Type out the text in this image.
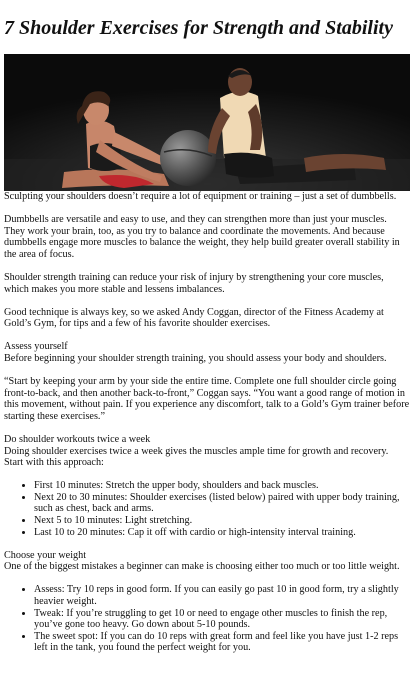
7 Shoulder Exercises for Strength and Stability

Sculpting your shoulders doesn’t require a lot of equipment or training – just a set of dumbbells.

Dumbbells are versatile and easy to use, and they can strengthen more than just your muscles. They work your brain, too, as you try to balance and coordinate the movements. And because dumbbells engage more muscles to balance the weight, they help build greater overall stability in the area of focus.

Shoulder strength training can reduce your risk of injury by strengthening your core muscles, which makes you more stable and lessens imbalances.

Good technique is always key, so we asked Andy Coggan, director of the Fitness Academy at Gold’s Gym, for tips and a few of his favorite shoulder exercises.

Assess yourself
Before beginning your shoulder strength training, you should assess your body and shoulders.

“Start by keeping your arm by your side the entire time. Complete one full shoulder circle going front-to-back, and then another back-to-front,” Coggan says. “You want a good range of motion in this movement, without pain. If you experience any discomfort, talk to a Gold’s Gym trainer before starting these exercises.”

Do shoulder workouts twice a week
Doing shoulder exercises twice a week gives the muscles ample time for growth and recovery. Start with this approach:

• First 10 minutes: Stretch the upper body, shoulders and back muscles.
• Next 20 to 30 minutes: Shoulder exercises (listed below) paired with upper body training, such as chest, back and arms.
• Next 5 to 10 minutes: Light stretching.
• Last 10 to 20 minutes: Cap it off with cardio or high-intensity interval training.

Choose your weight
One of the biggest mistakes a beginner can make is choosing either too much or too little weight.

• Assess: Try 10 reps in good form. If you can easily go past 10 in good form, try a slightly heavier weight.
• Tweak: If you’re struggling to get 10 or need to engage other muscles to finish the rep, you’ve gone too heavy. Go down about 5-10 pounds.
• The sweet spot: If you can do 10 reps with great form and feel like you have just 1-2 reps left in the tank, you found the perfect weight for you.
